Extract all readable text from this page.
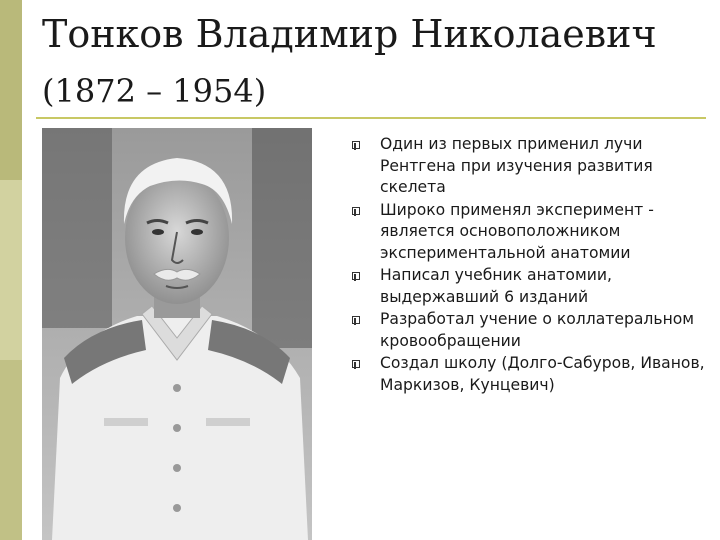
Тонков Владимир Николаевич
(1872 – 1954)
Один из первых применил лучи Рентгена при изучения развития скелета
Широко применял эксперимент - является основоположником экспериментальной анатомии
Написал учебник анатомии, выдержавший 6 изданий
Разработал учение о коллатеральном кровообращении
Создал школу (Долго-Сабуров, Иванов, Маркизов, Кунцевич)
